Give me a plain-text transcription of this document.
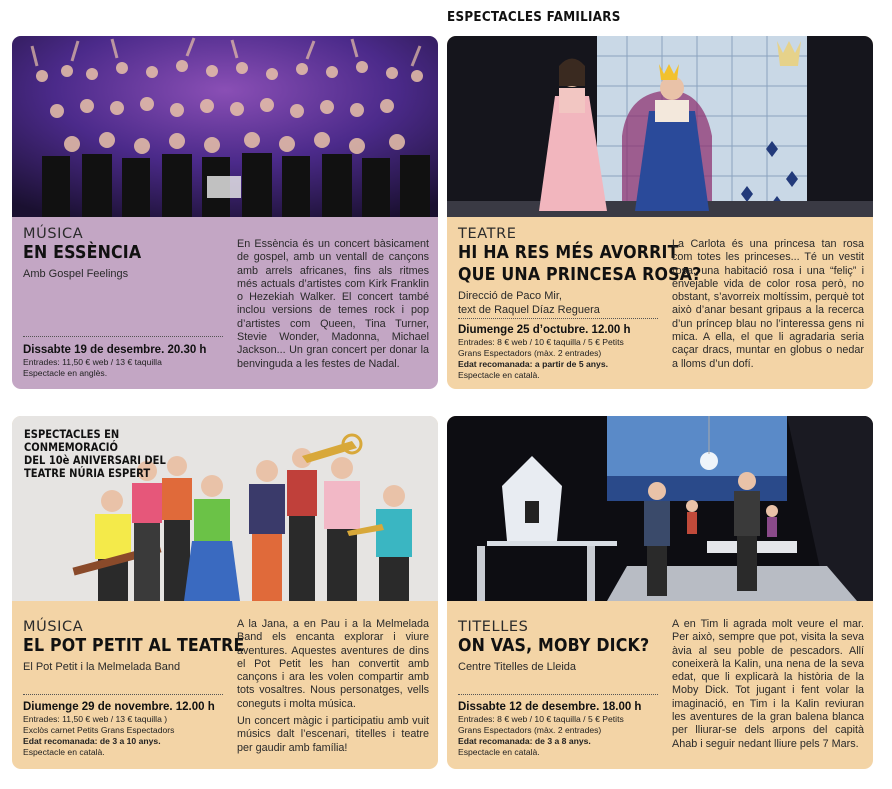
ESPECTACLES FAMILIARS
MÚSICA
EN ESSÈNCIA
Amb Gospel Feelings
Dissabte 19 de desembre. 20.30 h
Entrades: 11,50 € web / 13 € taquilla
Espectacle en anglès.

En Essència és un concert bàsicament de gospel, amb un ventall de cançons amb arrels africanes, fins als ritmes més actuals d’artistes com Kirk Franklin o Hezekiah Walker. El concert també inclou versions de temes rock i pop d’artistes com Queen, Tina Turner, Stevie Wonder, Madonna, Michael Jackson... Un gran concert per donar la benvinguda a les festes de Nadal.

TEATRE
HI HA RES MÉS AVORRIT
QUE UNA PRINCESA ROSA?
Direcció de Paco Mir,
text de Raquel Díaz Reguera
Diumenge 25 d’octubre. 12.00 h
Entrades: 8 € web / 10 € taquilla / 5 € Petits
Grans Espectadors (màx. 2 entrades)
Edat recomanada: a partir de 5 anys.
Espectacle en català.

La Carlota és una princesa tan rosa com totes les princeses... Té un vestit rosa, una habitació rosa i una “feliç” i envejable vida de color rosa però, no obstant, s’avorreix moltíssim, perquè tot això d’anar besant gripaus a la recerca d’un príncep blau no l’interessa gens ni mica. A ella, el que li agradaria seria caçar dracs, muntar en globus o nedar a lloms d’un dofí.

ESPECTACLES EN CONMEMORACIÓ
DEL 10è ANIVERSARI DEL
TEATRE NÚRIA ESPERT
MÚSICA
EL POT PETIT AL TEATRE
El Pot Petit i la Melmelada Band
Diumenge 29 de novembre. 12.00 h
Entrades: 11,50 € web / 13 € taquilla )
Exclòs carnet Petits Grans Espectadors
Edat recomanada: de 3 a 10 anys.
Espectacle en català.

A la Jana, a en Pau i a la Melmelada Band els encanta explorar i viure aventures. Aquestes aventures de dins el Pot Petit les han convertit amb cançons i ara les volen compartir amb tots vosaltres. Nous personatges, vells coneguts i molta música.

Un concert màgic i participatiu amb vuit músics dalt l’escenari, titelles i teatre per gaudir amb família!

TITELLES
ON VAS, MOBY DICK?
Centre Titelles de Lleida
Dissabte 12 de desembre. 18.00 h
Entrades: 8 € web / 10 € taquilla / 5 € Petits
Grans Espectadors (màx. 2 entrades)
Edat recomanada: de 3 a 8 anys.
Espectacle en català.

A en Tim li agrada molt veure el mar. Per això, sempre que pot, visita la seva àvia al seu poble de pescadors. Allí coneixerà la Kalin, una nena de la seva edat, que li explicarà la història de la Moby Dick. Tot jugant i fent volar la imaginació, en Tim i la Kalin reviuran les aventures de la gran balena blanca per lliurar-se dels arpons del capità Ahab i seguir nedant lliure pels 7 Mars.
